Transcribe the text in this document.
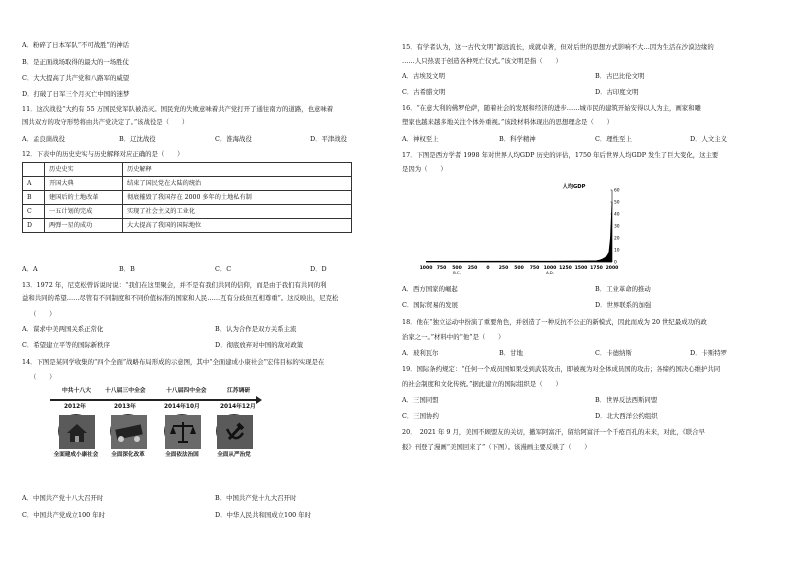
A．粉碎了日本军队“不可战胜”的神话
B．是正面战场取得的最大的一场胜仗
C．大大提高了共产党和八路军的威望
D．打破了日军三个月灭亡中国的迷梦
11．这次战役“大约有 55 万国民党军队被消灭。国民党的失败意味着共产党打开了通往南方的道路，也意味着
国共双方的攻守形势将由共产党决定了。”该战役是（　　）
A．孟良崮战役	B．辽沈战役	C．淮海战役	D．平津战役
12．下表中的历史史实与历史解释对应正确的是（　　）
	历史史实	历史解释
A	开国大典	结束了国民党在大陆的统治
B	建国后的土地改革	彻底摧毁了我国存在 2000 多年的土地私有制
C	一五计划的完成	实现了社会主义的工业化
D	两弹一星的成功	大大提高了我国的国际地位
A．A	B．B	C．C	D．D
13．1972 年，尼克松曾诉说时说：“我们在这里聚会，并不是有我们共同的信仰，而是由于我们有共同的利
益和共同的希望……尽管有不同制度和不同价值标准的国家和人民……互有分歧但互相尊重”。这反映出，尼克松
（　　）
A．谋求中美两国关系正常化	B．认为合作是双方关系主流
C．希望建立平等的国际新秩序	D．彻底放弃对中国的敌对政策
14．下图是某同学收集的“四个全面”战略布局形成的示意图，其中“全面建成小康社会”宏伟目标的实现是在
（　　）
中共十八大 十八届三中全会	十八届四中全会	江苏调研
2012年	2013年	2014年10月	2014年12月
全面建成小康社会	全面深化改革	全面依法治国	全面从严治党
A．中国共产党十八大召开时	B．中国共产党十九大召开时
C．中国共产党成立100 年时	D．中华人民共和国成立100 年时
15．有学者认为，这一古代文明“源远流长，成就卓著，但对后世的思想方式影响不大…因为生活在沙漠边缘的
……人只热衷于创造各种死亡仪式。”该文明是指（　　）
A．古埃及文明	B．古巴比伦文明
C．古希腊文明	D．古印度文明
16．“在意大利的佛罗伦萨，随着社会的发展和经济的进步……城市民的建筑开始安得以人为主，画家和雕
塑家也越来越多地关注个体外重视。”该段材料体现出的思想理念是（　　）
A．神权至上	B．科学精神	C．理性至上	D．人文主义
17．下图是西方学者 1998 年对世界人均GDP 历史的评估，1750 年后世界人均GDP 发生了巨大变化，这主要
是因为（　　）
1000 750 500 250 0 250 500 750 1000 1250 1500 1750 2000
B.C.	A.D.
0
10
20
30
40
50
60
人均GDP
A．西方国家的崛起	B．工业革命的推动
C．国际贸易的发展	D．世界联系的加强
18．他在“独立运动中扮演了重要角色，并创造了一种反抗不公正的新模式，因此而成为 20 世纪最成功的政
治家之一。”材料中的“他”是（　　）
A．玻利瓦尔	B．甘地	C．卡德纳斯	D．卡斯特罗
19．国际条约规定：“任何一个成员国如果受到武装攻击，即被视为对全体成员国的攻击；各缔约国决心维护共同
的社会制度和文化传统。”据此建立的国际组织是（　　）
A．三国同盟	B．世界反法西斯同盟
C．三国协约	D．北大西洋公约组织
20．　2021 年 9 月，美国不顾盟友的关切，撤军阿富汗，留给阿富汗一个千疮百孔的未来，对此，《联合早
报》刊登了漫画“美国回来了”（下图）。该漫画主要反映了（　　）
